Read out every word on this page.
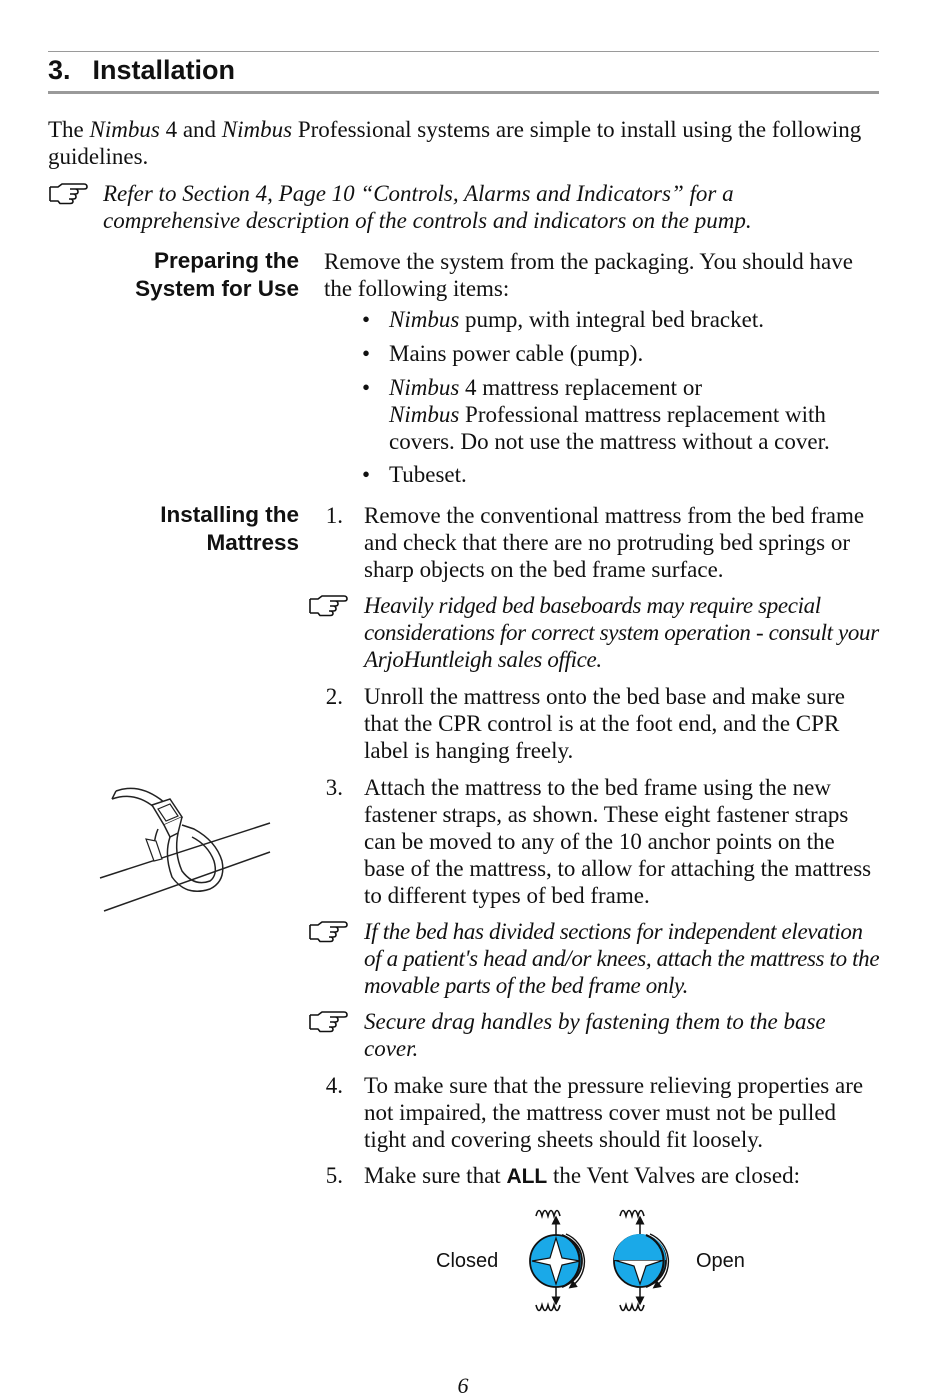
3. Installation

The Nimbus 4 and Nimbus Professional systems are simple to install using the following guidelines.

Refer to Section 4, Page 10 “Controls, Alarms and Indicators” for a comprehensive description of the controls and indicators on the pump.

Preparing the
System for Use

Remove the system from the packaging. You should have the following items:

• Nimbus pump, with integral bed bracket.
• Mains power cable (pump).
• Nimbus 4 mattress replacement or
Nimbus Professional mattress replacement with covers. Do not use the mattress without a cover.
• Tubeset.
Installing the
Mattress
1. Remove the conventional mattress from the bed frame and check that there are no protruding bed springs or sharp objects on the bed frame surface.

Heavily ridged bed baseboards may require special considerations for correct system operation - consult your ArjoHuntleigh sales office.

2. Unroll the mattress onto the bed base and make sure that the CPR control is at the foot end, and the CPR label is hanging freely.

3. Attach the mattress to the bed frame using the new fastener straps, as shown. These eight fastener straps can be moved to any of the 10 anchor points on the base of the mattress, to allow for attaching the mattress to different types of bed frame.

If the bed has divided sections for independent elevation of a patient's head and/or knees, attach the mattress to the movable parts of the bed frame only.

Secure drag handles by fastening them to the base cover.

4. To make sure that the pressure relieving properties are not impaired, the mattress cover must not be pulled tight and covering sheets should fit loosely.

5. Make sure that ALL the Vent Valves are closed:

Closed	Open
6
